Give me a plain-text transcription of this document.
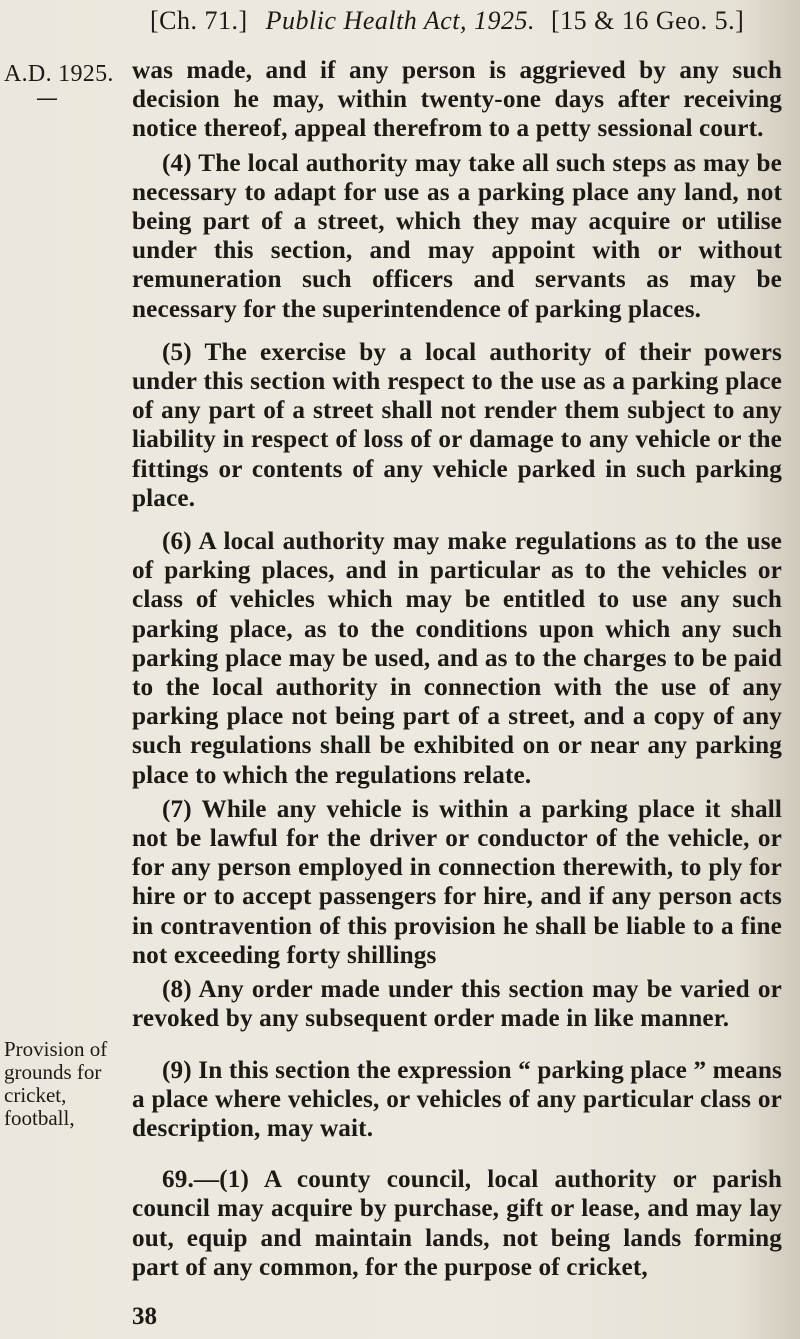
[Ch. 71.] Public Health Act, 1925. [15 & 16 Geo. 5.]
A.D. 1925.
—
Provision of
grounds for
cricket,
football,

was made, and if any person is aggrieved by any such decision he may, within twenty-one days after receiving notice thereof, appeal therefrom to a petty sessional court.

(4) The local authority may take all such steps as may be necessary to adapt for use as a parking place any land, not being part of a street, which they may acquire or utilise under this section, and may appoint with or without remuneration such officers and servants as may be necessary for the superintendence of parking places.

(5) The exercise by a local authority of their powers under this section with respect to the use as a parking place of any part of a street shall not render them subject to any liability in respect of loss of or damage to any vehicle or the fittings or contents of any vehicle parked in such parking place.

(6) A local authority may make regulations as to the use of parking places, and in particular as to the vehicles or class of vehicles which may be entitled to use any such parking place, as to the conditions upon which any such parking place may be used, and as to the charges to be paid to the local authority in connection with the use of any parking place not being part of a street, and a copy of any such regulations shall be exhibited on or near any parking place to which the regulations relate.

(7) While any vehicle is within a parking place it shall not be lawful for the driver or conductor of the vehicle, or for any person employed in connection therewith, to ply for hire or to accept passengers for hire, and if any person acts in contravention of this provision he shall be liable to a fine not exceeding forty shillings

(8) Any order made under this section may be varied or revoked by any subsequent order made in like manner.

(9) In this section the expression “ parking place ” means a place where vehicles, or vehicles of any particular class or description, may wait.

69.—(1) A county council, local authority or parish council may acquire by purchase, gift or lease, and may lay out, equip and maintain lands, not being lands forming part of any common, for the purpose of cricket,

38
